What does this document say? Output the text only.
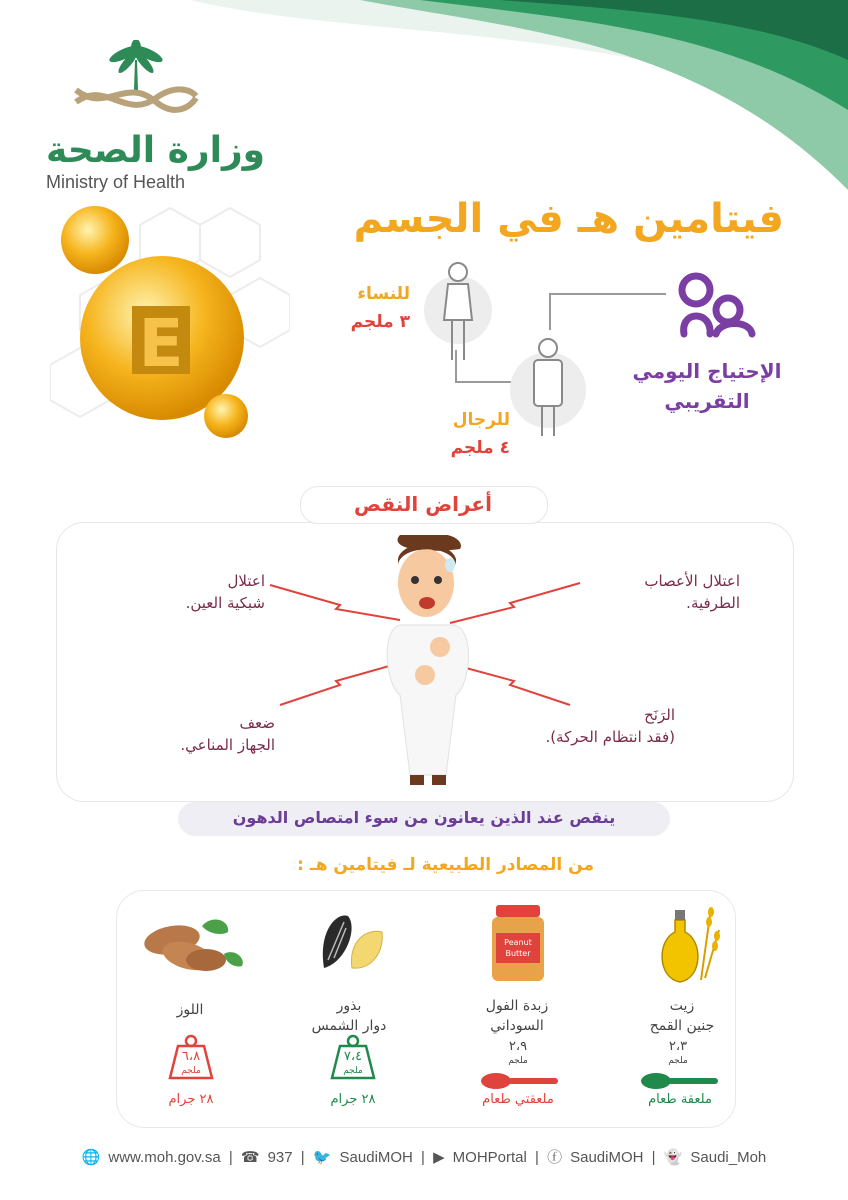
وزارة الصحة
Ministry of Health
E
فيتامين هـ في الجسم
الإحتياج اليومي
التقريبي
للنساء
٣ ملجم
للرجال
٤ ملجم
أعراض النقص
اعتلال الأعصاب
الطرفية.
اعتلال
شبكية العين.
الرَنَح
(فقد انتظام الحركة).
ضعف
الجهاز المناعي.
ينقص عند الذين يعانون من سوء امتصاص الدهون
من المصادر الطبيعية لـ فيتامين هـ :
Peanut
Butter
زيت
جنين القمح
زبدة الفول
السوداني
بذور
دوار الشمس
اللوز
٢،٣
ملجم
٢،٩
ملجم
٧،٤
ملجم
٦،٨
ملجم
ملعقة طعام
ملعقتي طعام
٢٨ جرام
٢٨ جرام
🌐 www.moh.gov.sa | ☎ 937 | 🐦 SaudiMOH | ▶ MOHPortal | ⓕ SaudiMOH | 👻 Saudi_Moh
